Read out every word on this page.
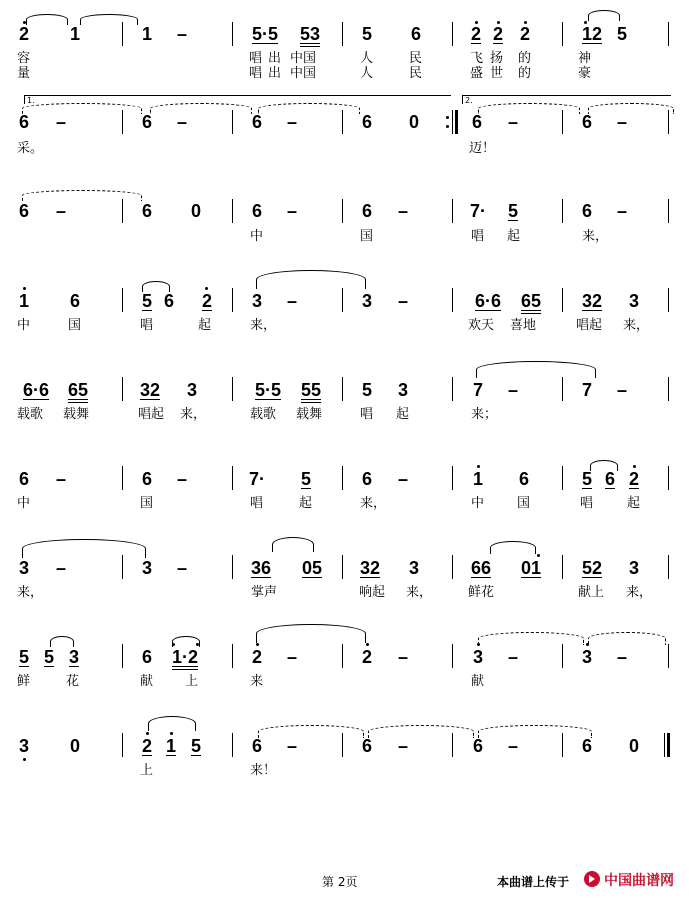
2 1	1 –	5·5 53 5 6	2 2 2	12 5
容	唱 出 中国	人	民	飞 扬 的	神
量	唱 出 中国	人	民	盛 世 的	豪
1.	2.
6 –	6 –	6 –	6 0	6 –	6 –
采。	迈！
6 –	6 0	6 –	6 –	7· 5	6 –
中	国	唱 起	来，
1 6	5 6 2 3 –	3 –	6·6 65 32 3
中	国	唱	起	来，	欢天 喜地	唱起 来，
6·6 65	32 3	5·5 55 5 3	7 –	7 –
载歌 载舞	唱起 来，	载歌 载舞	唱 起	来；
6 –	6 –	7· 5	6 –	1 6	5 6 2
中	国	唱	起	来，	中	国	唱	起
3 –	3 –	36 05 32 3	66 01 52 3
来，	掌声	响起 来，	鲜花	献上 来，
5 5 3	6 1·2	2 –	2 –	3 –	3 –
鲜	花	献 上	来	献
3 0	2 1 5	6 –	6 –	6 –	6 0
上	来！
第 2页	本曲谱上传于 中国曲谱网
